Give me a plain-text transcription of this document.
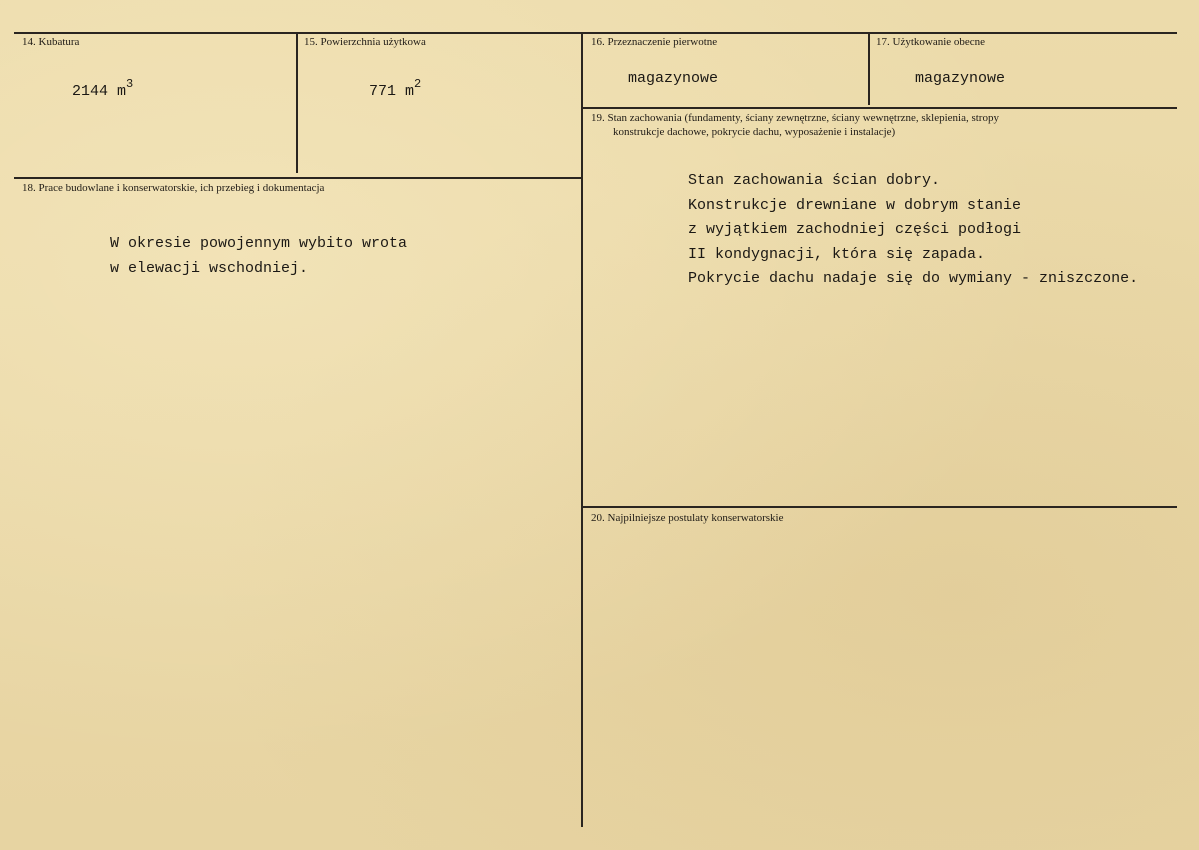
14. Kubatura
2144 $m^3$
15. Powierzchnia użytkowa
771 $m^2$
16. Przeznaczenie pierwotne
magazynowe
17. Użytkowanie obecne
magazynowe
18. Prace budowlane i konserwatorskie, ich przebieg i dokumentacja
W okresie powojennym wybito wrota
w elewacji wschodniej.
19. Stan zachowania (fundamenty, ściany zewnętrzne, ściany wewnętrzne, sklepienia, stropy
konstrukcje dachowe, pokrycie dachu, wyposażenie i instalacje)
Stan zachowania ścian dobry.
Konstrukcje drewniane w dobrym stanie
z wyjątkiem zachodniej części podłogi
II kondygnacji, która się zapada.
Pokrycie dachu nadaje się do wymiany - zniszczone.
20. Najpilniejsze postulaty konserwatorskie
